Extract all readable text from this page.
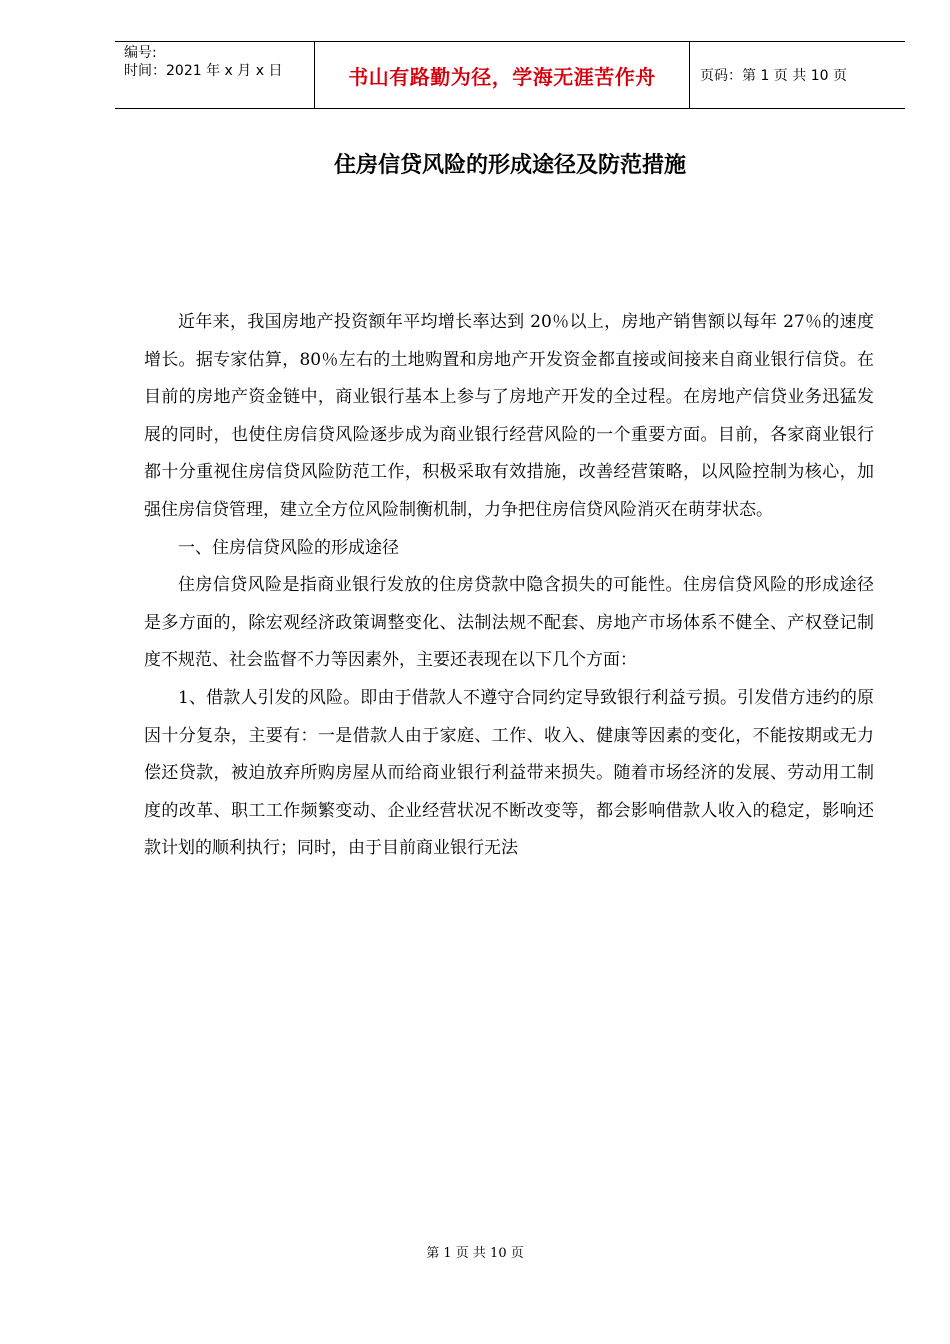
编号:
时间：2021 年 x 月 x 日	书山有路勤为径，学海无涯苦作舟	页码：第 1 页 共 10 页
住房信贷风险的形成途径及防范措施

近年来，我国房地产投资额年平均增长率达到 20％以上，房地产销售额以每年 27％的速度增长。据专家估算，80％左右的土地购置和房地产开发资金都直接或间接来自商业银行信贷。在目前的房地产资金链中，商业银行基本上参与了房地产开发的全过程。在房地产信贷业务迅猛发展的同时，也使住房信贷风险逐步成为商业银行经营风险的一个重要方面。目前，各家商业银行都十分重视住房信贷风险防范工作，积极采取有效措施，改善经营策略，以风险控制为核心，加强住房信贷管理，建立全方位风险制衡机制，力争把住房信贷风险消灭在萌芽状态。

一、住房信贷风险的形成途径

住房信贷风险是指商业银行发放的住房贷款中隐含损失的可能性。住房信贷风险的形成途径是多方面的，除宏观经济政策调整变化、法制法规不配套、房地产市场体系不健全、产权登记制度不规范、社会监督不力等因素外，主要还表现在以下几个方面：

1、借款人引发的风险。即由于借款人不遵守合同约定导致银行利益亏损。引发借方违约的原因十分复杂，主要有：一是借款人由于家庭、工作、收入、健康等因素的变化，不能按期或无力偿还贷款，被迫放弃所购房屋从而给商业银行利益带来损失。随着市场经济的发展、劳动用工制度的改革、职工工作频繁变动、企业经营状况不断改变等，都会影响借款人收入的稳定，影响还款计划的顺利执行；同时，由于目前商业银行无法

第 1 页 共 10 页
